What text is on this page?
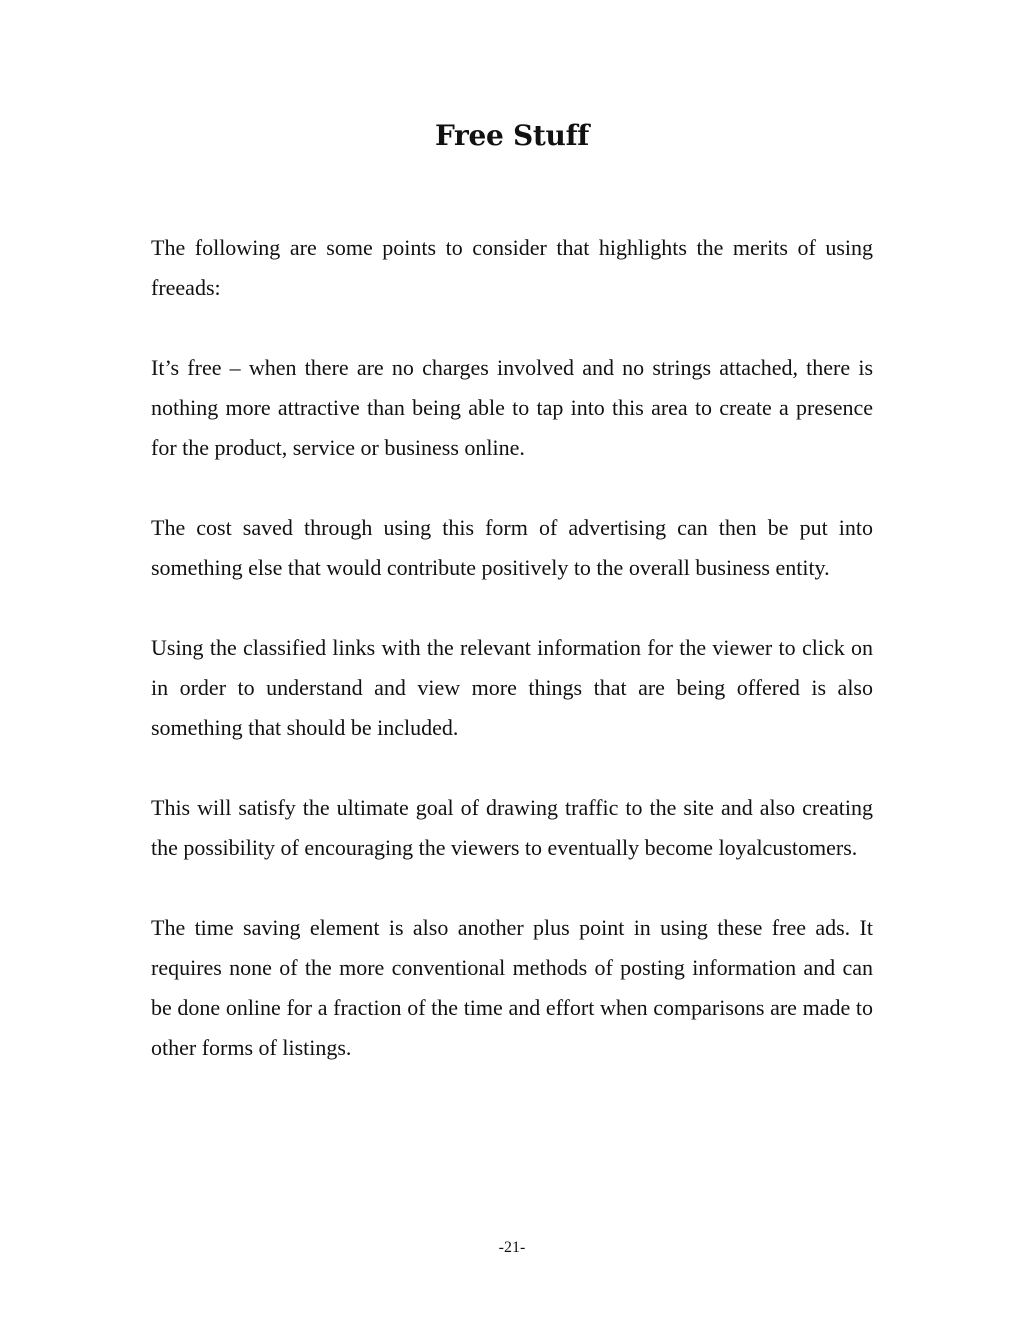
Free Stuff

The following are some points to consider that highlights the merits of using freeads:

It’s free – when there are no charges involved and no strings attached, there is nothing more attractive than being able to tap into this area to create a presence for the product, service or business online.

The cost saved through using this form of advertising can then be put into something else that would contribute positively to the overall business entity.

Using the classified links with the relevant information for the viewer to click on in order to understand and view more things that are being offered is also something that should be included.

This will satisfy the ultimate goal of drawing traffic to the site and also creating the possibility of encouraging the viewers to eventually become loyalcustomers.

The time saving element is also another plus point in using these free ads. It requires none of the more conventional methods of posting information and can be done online for a fraction of the time and effort when comparisons are made to other forms of listings.

-21-
